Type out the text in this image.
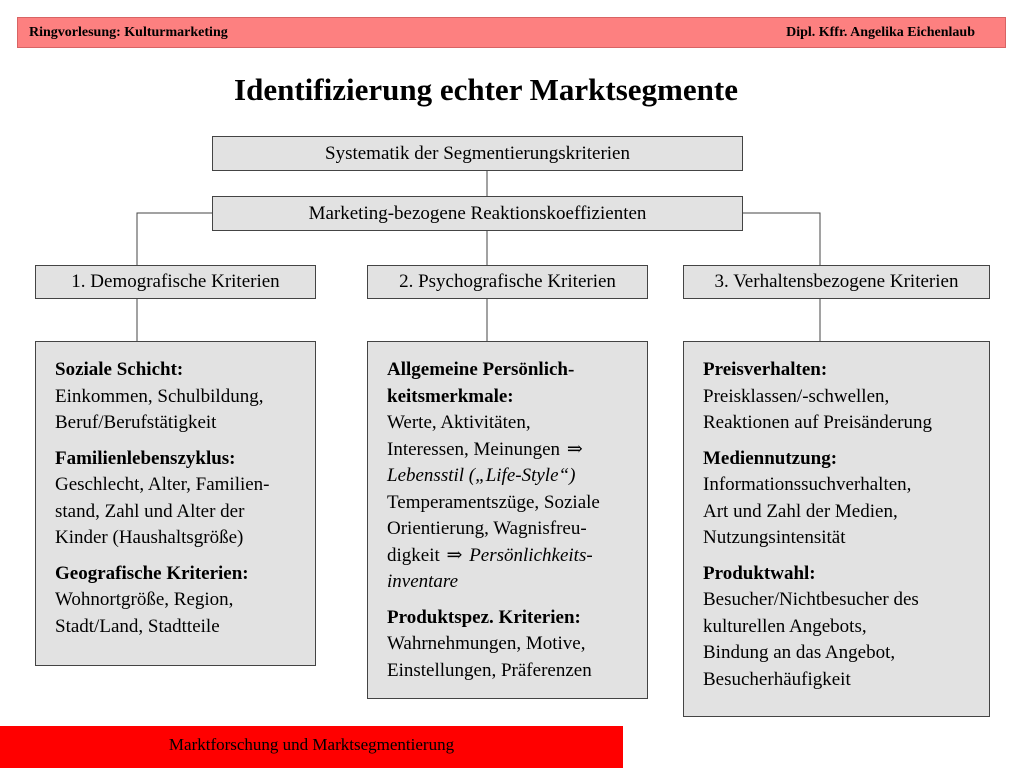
Ringvorlesung: Kulturmarketing	Dipl. Kffr. Angelika Eichenlaub
Identifizierung echter Marktsegmente
Systematik der Segmentierungskriterien
Marketing-bezogene Reaktionskoeffizienten
1. Demografische Kriterien	2. Psychografische Kriterien	3. Verhaltensbezogene Kriterien
Soziale Schicht:
Einkommen, Schulbildung,
Beruf/Berufstätigkeit
Familienlebenszyklus:
Geschlecht, Alter, Familien-
stand, Zahl und Alter der
Kinder (Haushaltsgröße)
Geografische Kriterien:
Wohnortgröße, Region,
Stadt/Land, Stadtteile
Allgemeine Persönlich-
keitsmerkmale:
Werte, Aktivitäten,
Interessen, Meinungen ⇒
Lebensstil („Life-Style“)
Temperamentszüge, Soziale
Orientierung, Wagnisfreu-
digkeit ⇒ Persönlichkeits-
inventare
Produktspez. Kriterien:
Wahrnehmungen, Motive,
Einstellungen, Präferenzen
Preisverhalten:
Preisklassen/-schwellen,
Reaktionen auf Preisänderung
Mediennutzung:
Informationssuchverhalten,
Art und Zahl der Medien,
Nutzungsintensität
Produktwahl:
Besucher/Nichtbesucher des
kulturellen Angebots,
Bindung an das Angebot,
Besucherhäufigkeit
Marktforschung und Marktsegmentierung
